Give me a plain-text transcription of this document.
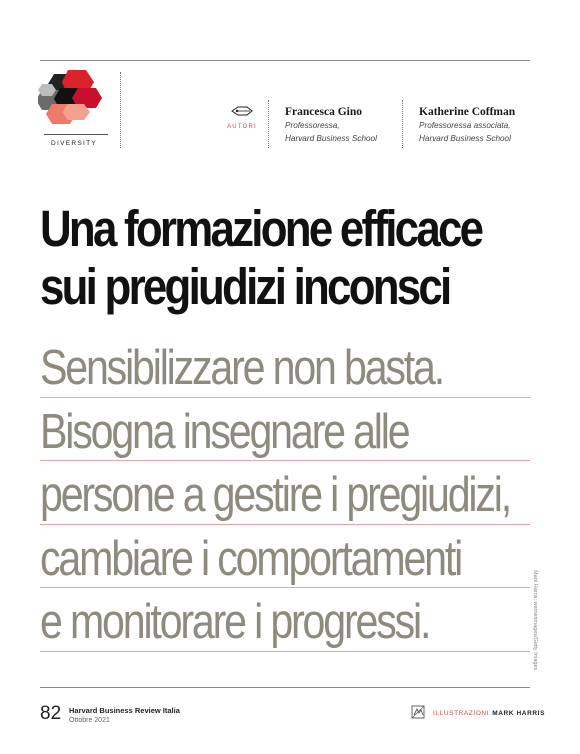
DIVERSITY
AUTORI
Francesca Gino
Professoressa,
Harvard Business School
Katherine Coffman
Professoressa associata,
Harvard Business School
Una formazione efficace
sui pregiudizi inconsci
Sensibilizzare non basta.
Bisogna insegnare alle
persone a gestire i pregiudizi,
cambiare i comportamenti
e monitorare i progressi.	Mark Harris; wernerimages/Getty Images
82 Harvard Business Review Italia
Ottobre 2021
ILLUSTRAZIONI MARK HARRIS
